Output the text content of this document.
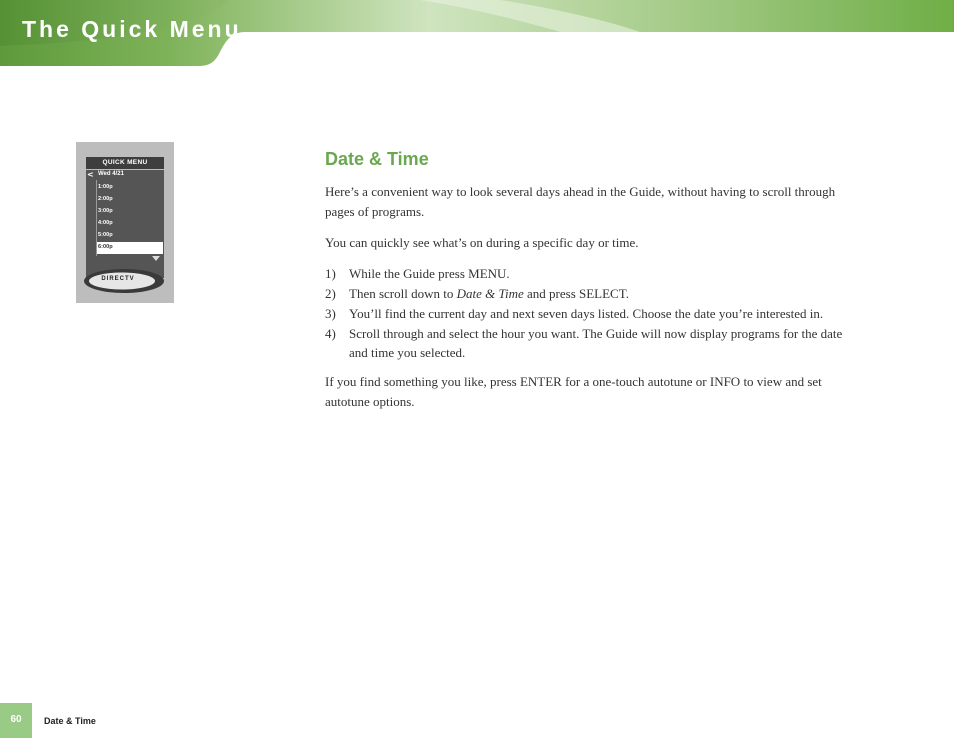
The Quick Menu
QUICK MENU
< Wed 4/21
1:00p
2:00p
3:00p
4:00p
5:00p
6:00p
DIRECTV
Date & Time

Here’s a convenient way to look several days ahead in the Guide, without having to scroll through pages of programs.

You can quickly see what’s on during a specific day or time.

1) While the Guide press MENU.
2) Then scroll down to Date & Time and press SELECT.
3) You’ll find the current day and next seven days listed. Choose the date you’re interested in.
4) Scroll through and select the hour you want. The Guide will now display programs for the date and time you selected.

If you find something you like, press ENTER for a one-touch autotune or INFO to view and set autotune options.

60	Date & Time
